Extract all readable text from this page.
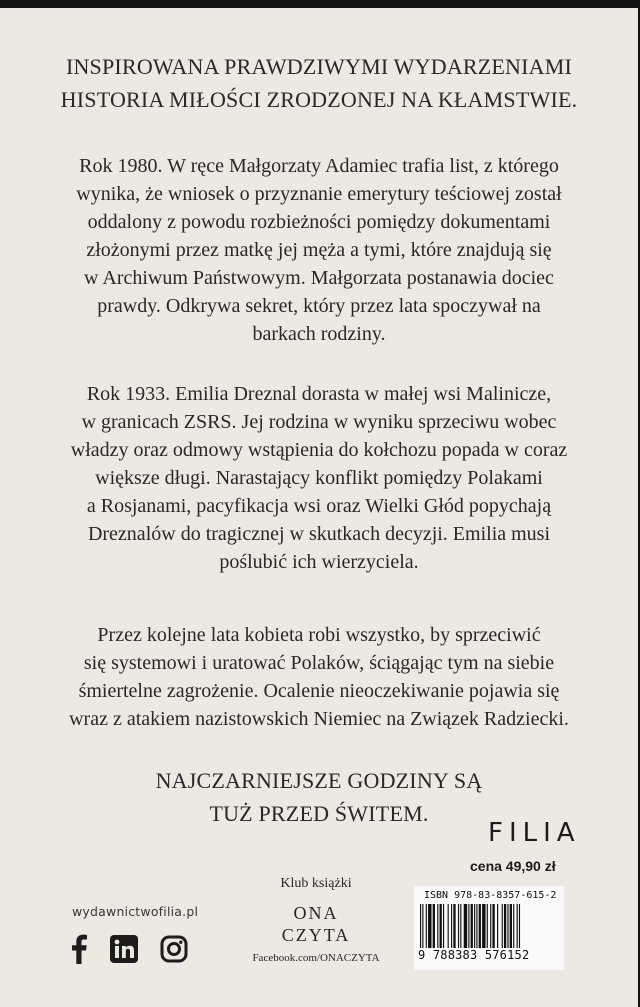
INSPIROWANA PRAWDZIWYMI WYDARZENIAMI
HISTORIA MIŁOŚCI ZRODZONEJ NA KŁAMSTWIE.

Rok 1980. W ręce Małgorzaty Adamiec trafia list, z którego
wynika, że wniosek o przyznanie emerytury teściowej został
oddalony z powodu rozbieżności pomiędzy dokumentami
złożonymi przez matkę jej męża a tymi, które znajdują się
w Archiwum Państwowym. Małgorzata postanawia dociec
prawdy. Odkrywa sekret, który przez lata spoczywał na
barkach rodziny.

Rok 1933. Emilia Dreznal dorasta w małej wsi Malinicze,
w granicach ZSRS. Jej rodzina w wyniku sprzeciwu wobec
władzy oraz odmowy wstąpienia do kołchozu popada w coraz
większe długi. Narastający konflikt pomiędzy Polakami
a Rosjanami, pacyfikacja wsi oraz Wielki Głód popychają
Dreznalów do tragicznej w skutkach decyzji. Emilia musi
poślubić ich wierzyciela.

Przez kolejne lata kobieta robi wszystko, by sprzeciwić
się systemowi i uratować Polaków, ściągając tym na siebie
śmiertelne zagrożenie. Ocalenie nieoczekiwanie pojawia się
wraz z atakiem nazistowskich Niemiec na Związek Radziecki.

NAJCZARNIEJSZE GODZINY SĄ
TUŻ PRZED ŚWITEM.

FILIA
cena 49,90 zł
wydawnictwofilia.pl
Klub książki
ONA
CZYTA
Facebook.com/ONACZYTA
ISBN 978-83-8357-615-2
9 788383 576152
